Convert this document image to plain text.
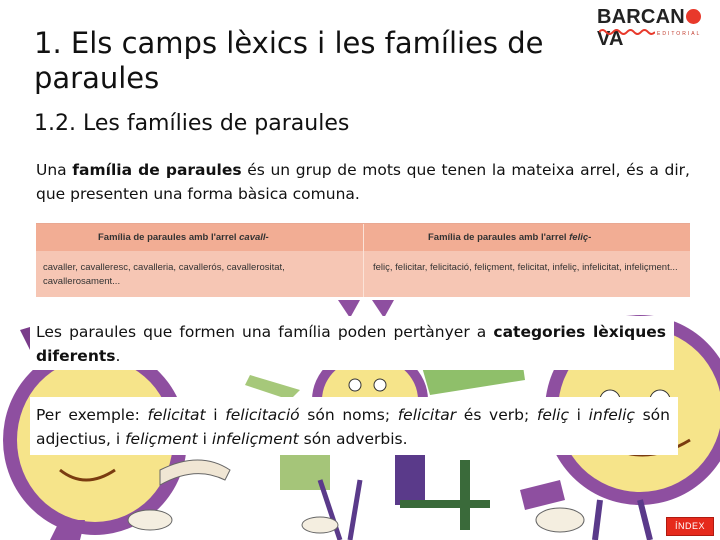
BARCANVA	EDITORIAL
1. Els camps lèxics i les famílies de paraules
1.2. Les famílies de paraules
Una família de paraules és un grup de mots que tenen la mateixa arrel, és a dir, que presenten una forma bàsica comuna.
Família de paraules amb l'arrel cavall-	Família de paraules amb l'arrel feliç-
cavaller, cavalleresc, cavalleria, cavallerós, cavallerositat, cavallerosament...
feliç, felicitar, felicitació, feliçment, felicitat, infeliç, infelicitat, infeliçment...
Les paraules que formen una família poden pertànyer a categories lèxiques diferents.
Per exemple: felicitat i felicitació són noms; felicitar és verb; feliç i infeliç són adjectius, i feliçment i infeliçment són adverbis.
ÍNDEX
